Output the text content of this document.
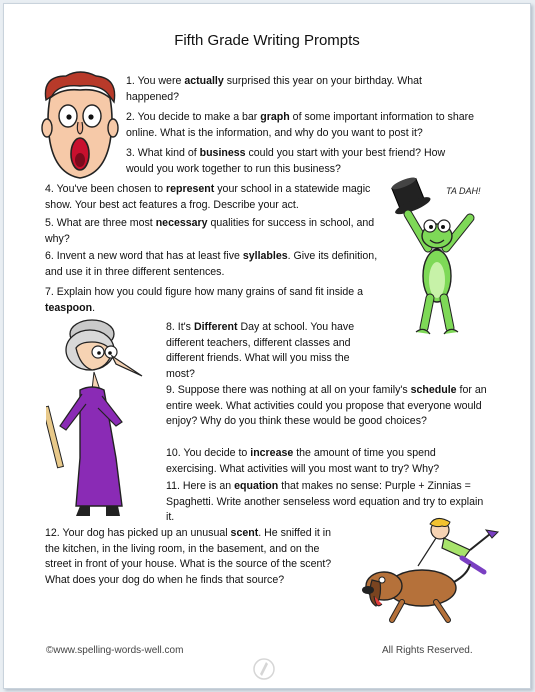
Fifth Grade Writing Prompts
TA DAH!
1. You were actually surprised this year on your birthday. What happened?
2. You decide to make a bar graph of some important information to share online. What is the information, and why do you want to post it?
3. What kind of business could you start with your best friend? How would you work together to run this business?
4. You've been chosen to represent your school in a statewide magic show. Your best act features a frog. Describe your act.
5. What are three most necessary qualities for success in school, and why?
6. Invent a new word that has at least five syllables. Give its definition, and use it in three different sentences.
7. Explain how you could figure how many grains of sand fit inside a teaspoon.
8. It's Different Day at school. You have different teachers, different classes and different friends. What will you miss the most?
9. Suppose there was nothing at all on your family's schedule for an entire week. What activities could you propose that everyone would enjoy? Why do you think these would be good choices?
10. You decide to increase the amount of time you spend exercising. What activities will you most want to try? Why?
11. Here is an equation that makes no sense: Purple + Zinnias = Spaghetti. Write another senseless word equation and try to explain it.
12. Your dog has picked up an unusual scent. He sniffed it in the kitchen, in the living room, in the basement, and on the street in front of your house. What is the source of the scent? What does your dog do when he finds that source?
©www.spelling-words-well.com	All Rights Reserved.
